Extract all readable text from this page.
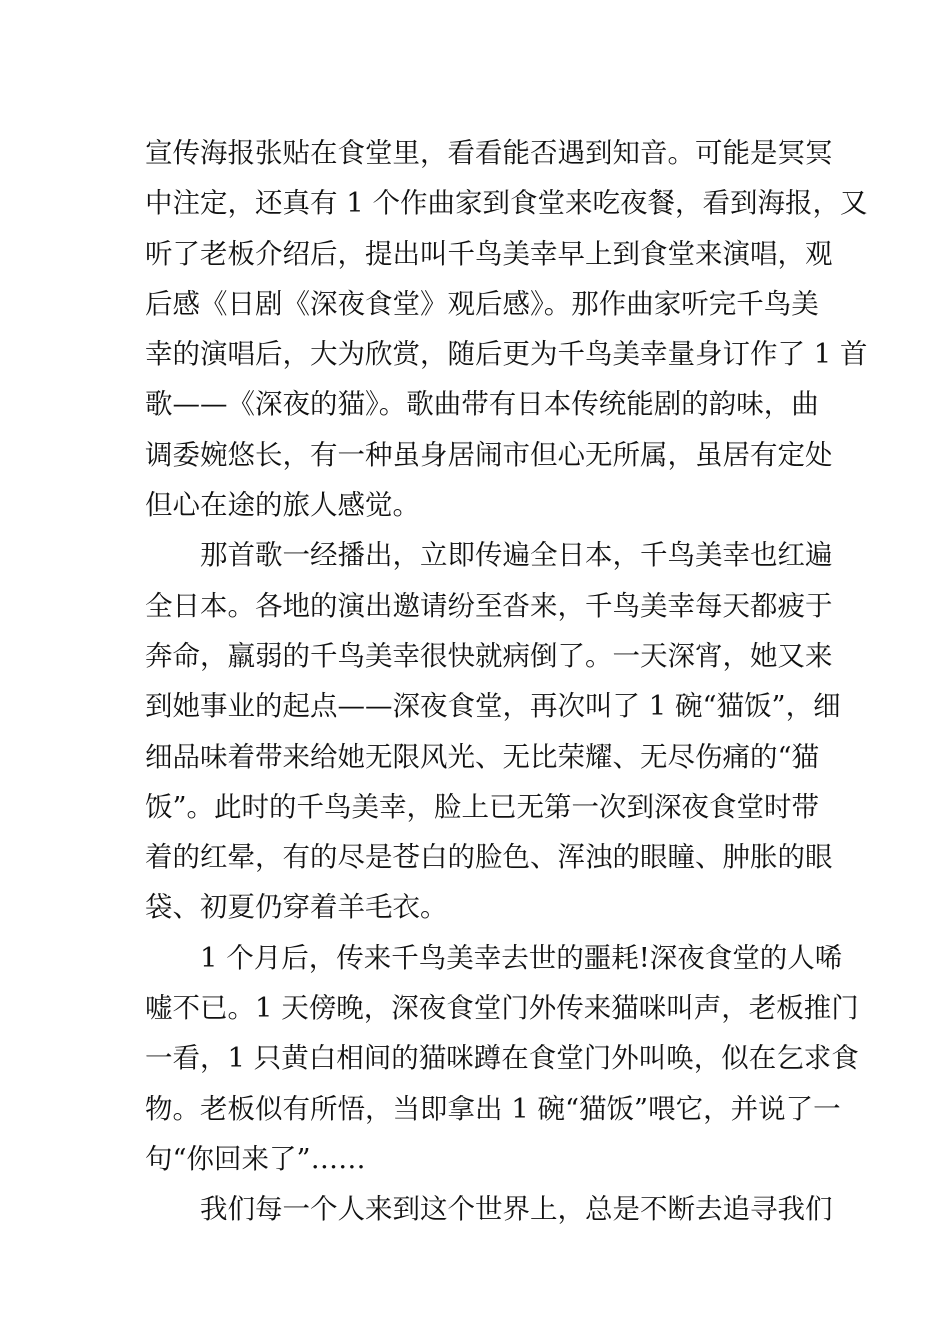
宣传海报张贴在食堂里，看看能否遇到知音。可能是冥冥
中注定，还真有 1 个作曲家到食堂来吃夜餐，看到海报，又
听了老板介绍后，提出叫千鸟美幸早上到食堂来演唱，观
后感《日剧《深夜食堂》观后感》。那作曲家听完千鸟美
幸的演唱后，大为欣赏，随后更为千鸟美幸量身订作了 1 首
歌——《深夜的猫》。歌曲带有日本传统能剧的韵味，曲
调委婉悠长，有一种虽身居闹市但心无所属，虽居有定处
但心在途的旅人感觉。
那首歌一经播出，立即传遍全日本，千鸟美幸也红遍
全日本。各地的演出邀请纷至沓来，千鸟美幸每天都疲于
奔命，羸弱的千鸟美幸很快就病倒了。一天深宵，她又来
到她事业的起点——深夜食堂，再次叫了 1 碗“猫饭”，细
细品味着带来给她无限风光、无比荣耀、无尽伤痛的“猫
饭”。此时的千鸟美幸，脸上已无第一次到深夜食堂时带
着的红晕，有的尽是苍白的脸色、浑浊的眼瞳、肿胀的眼
袋、初夏仍穿着羊毛衣。
1 个月后，传来千鸟美幸去世的噩耗!深夜食堂的人唏
嘘不已。1 天傍晚，深夜食堂门外传来猫咪叫声，老板推门
一看，1 只黄白相间的猫咪蹲在食堂门外叫唤，似在乞求食
物。老板似有所悟，当即拿出 1 碗“猫饭”喂它，并说了一
句“你回来了”……
我们每一个人来到这个世界上，总是不断去追寻我们
